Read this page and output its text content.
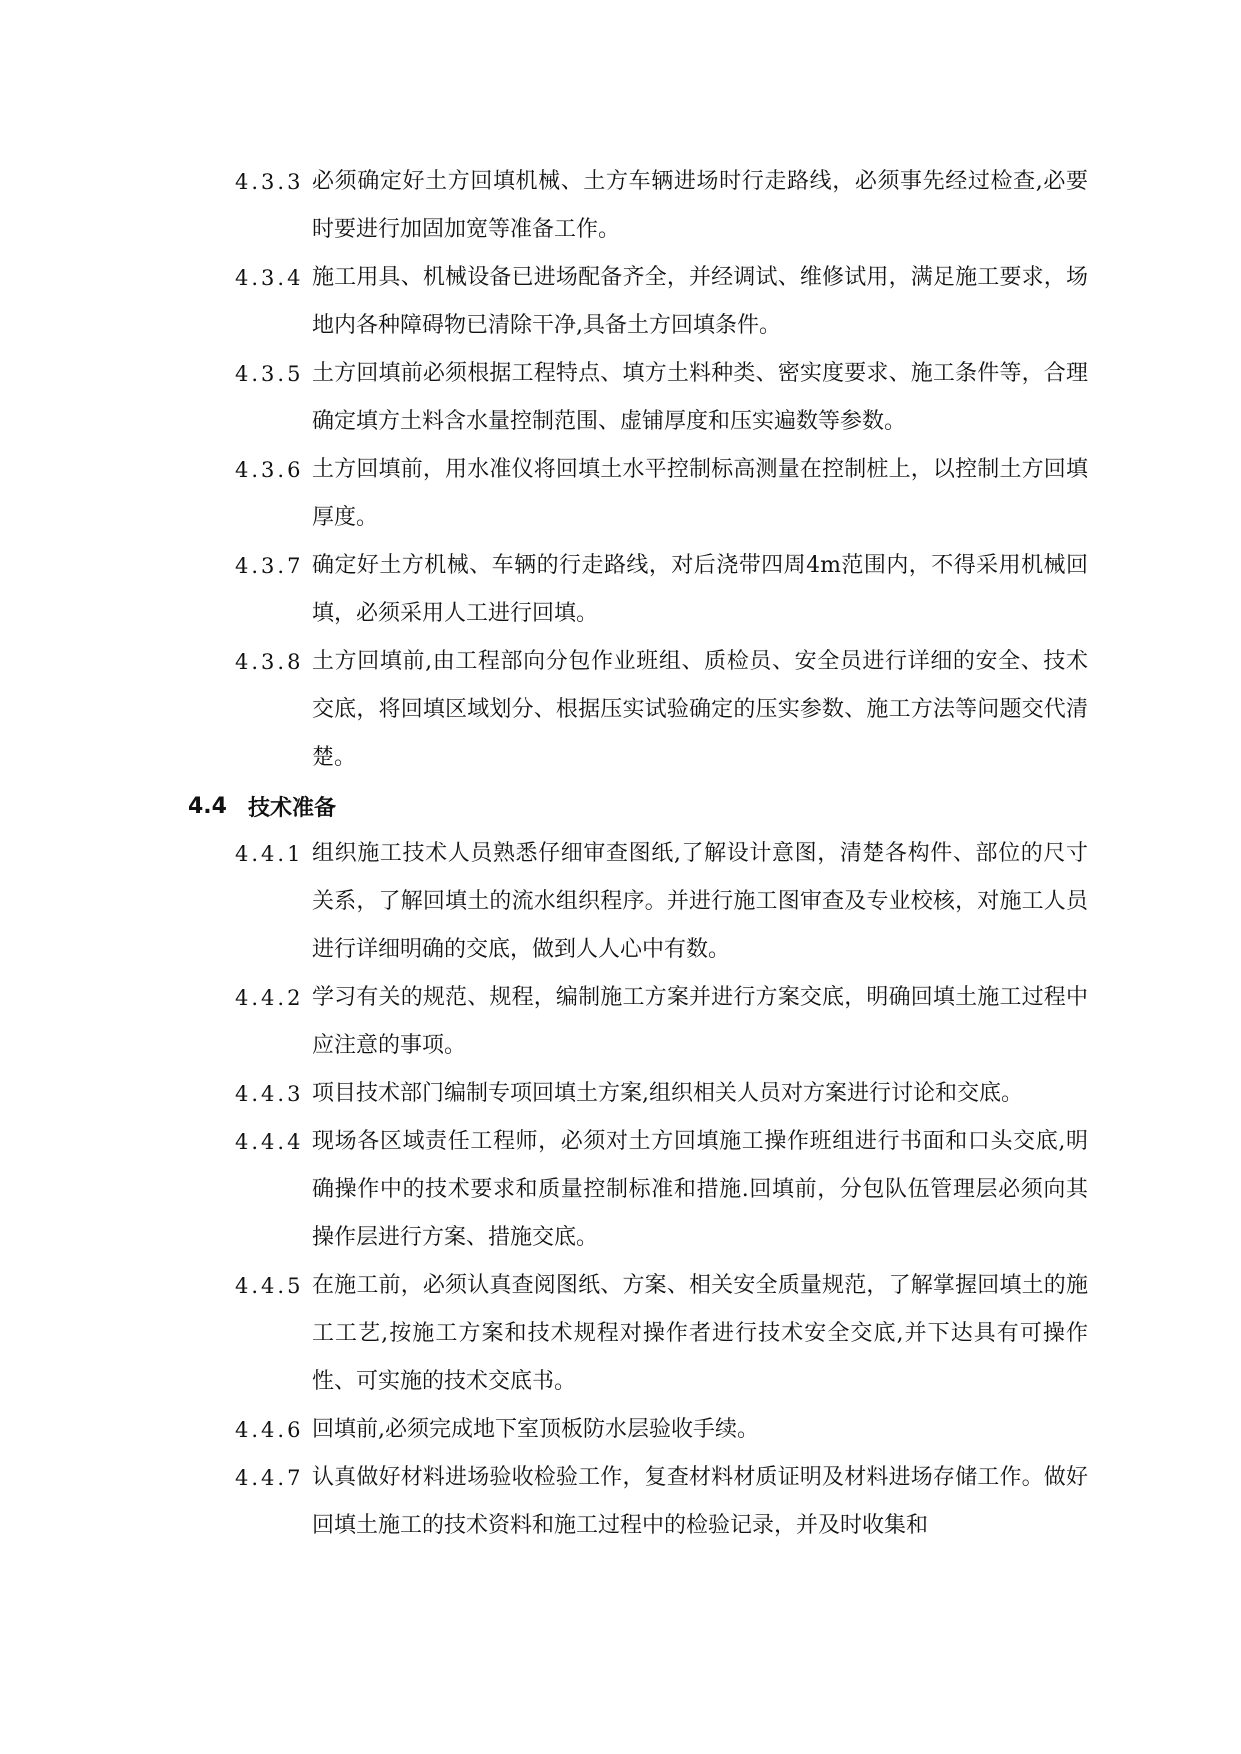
4.3.3 必须确定好土方回填机械、土方车辆进场时行走路线，必须事先经过检查,必要时要进行加固加宽等准备工作。
4.3.4 施工用具、机械设备已进场配备齐全，并经调试、维修试用，满足施工要求，场地内各种障碍物已清除干净,具备土方回填条件。
4.3.5 土方回填前必须根据工程特点、填方土料种类、密实度要求、施工条件等，合理确定填方土料含水量控制范围、虚铺厚度和压实遍数等参数。
4.3.6 土方回填前，用水准仪将回填土水平控制标高测量在控制桩上，以控制土方回填厚度。
4.3.7 确定好土方机械、车辆的行走路线，对后浇带四周4m范围内，不得采用机械回填，必须采用人工进行回填。
4.3.8 土方回填前,由工程部向分包作业班组、质检员、安全员进行详细的安全、技术交底，将回填区域划分、根据压实试验确定的压实参数、施工方法等问题交代清楚。
4.4 技术准备
4.4.1 组织施工技术人员熟悉仔细审查图纸,了解设计意图，清楚各构件、部位的尺寸关系，了解回填土的流水组织程序。并进行施工图审查及专业校核，对施工人员进行详细明确的交底，做到人人心中有数。
4.4.2 学习有关的规范、规程，编制施工方案并进行方案交底，明确回填土施工过程中应注意的事项。
4.4.3 项目技术部门编制专项回填土方案,组织相关人员对方案进行讨论和交底。
4.4.4 现场各区域责任工程师，必须对土方回填施工操作班组进行书面和口头交底,明确操作中的技术要求和质量控制标准和措施.回填前，分包队伍管理层必须向其操作层进行方案、措施交底。
4.4.5 在施工前，必须认真查阅图纸、方案、相关安全质量规范，了解掌握回填土的施工工艺,按施工方案和技术规程对操作者进行技术安全交底,并下达具有可操作性、可实施的技术交底书。
4.4.6 回填前,必须完成地下室顶板防水层验收手续。
4.4.7 认真做好材料进场验收检验工作，复查材料材质证明及材料进场存储工作。做好回填土施工的技术资料和施工过程中的检验记录，并及时收集和
